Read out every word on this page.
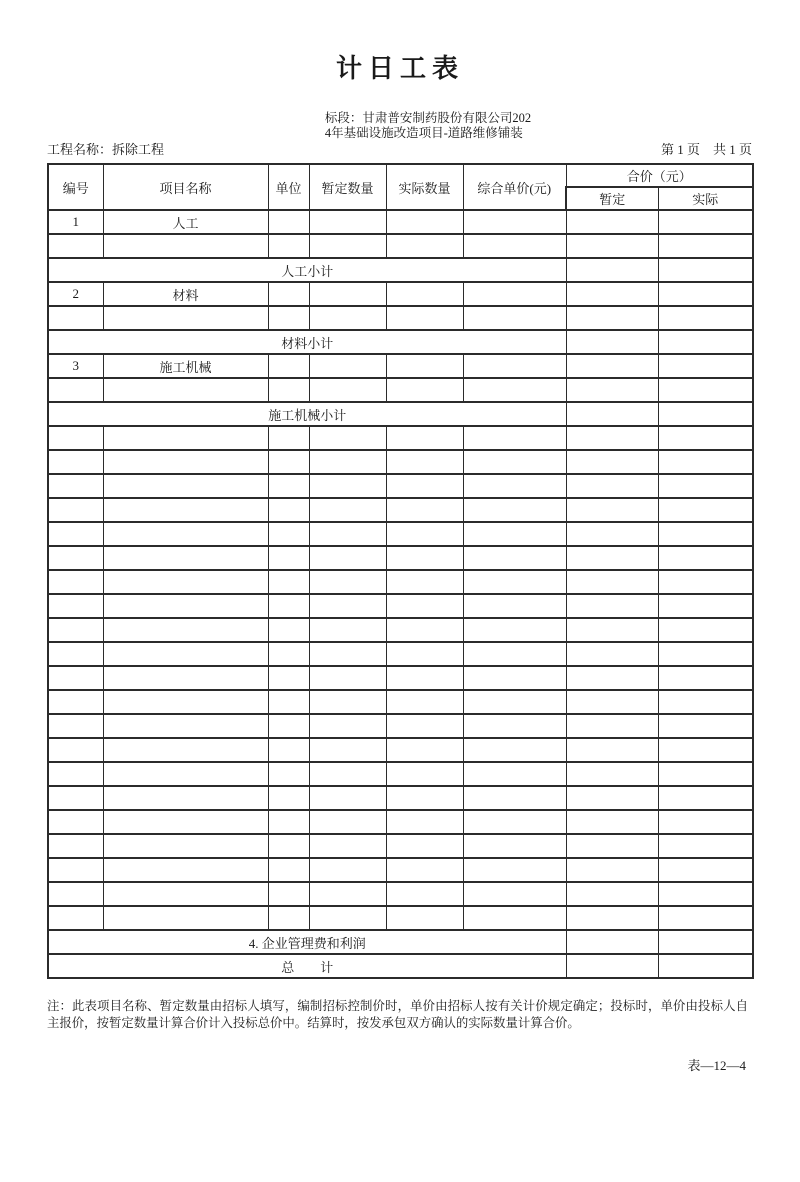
计日工表
标段：甘肃普安制药股份有限公司202
4年基础设施改造项目-道路维修铺装
工程名称：拆除工程	第 1 页　共 1 页
编号	项目名称	单位	暂定数量	实际数量	综合单价(元)	合价（元）	
						暂定	实际
1	人工						

人工小计							
2	材料						

材料小计							
3	施工机械						

施工机械小计							

4. 企业管理费和利润							
总　　计							

注：此表项目名称、暂定数量由招标人填写，编制招标控制价时，单价由招标人按有关计价规定确定；投标时，单价由投标人自主报价，按暂定数量计算合价计入投标总价中。结算时，按发承包双方确认的实际数量计算合价。

表—12—4
